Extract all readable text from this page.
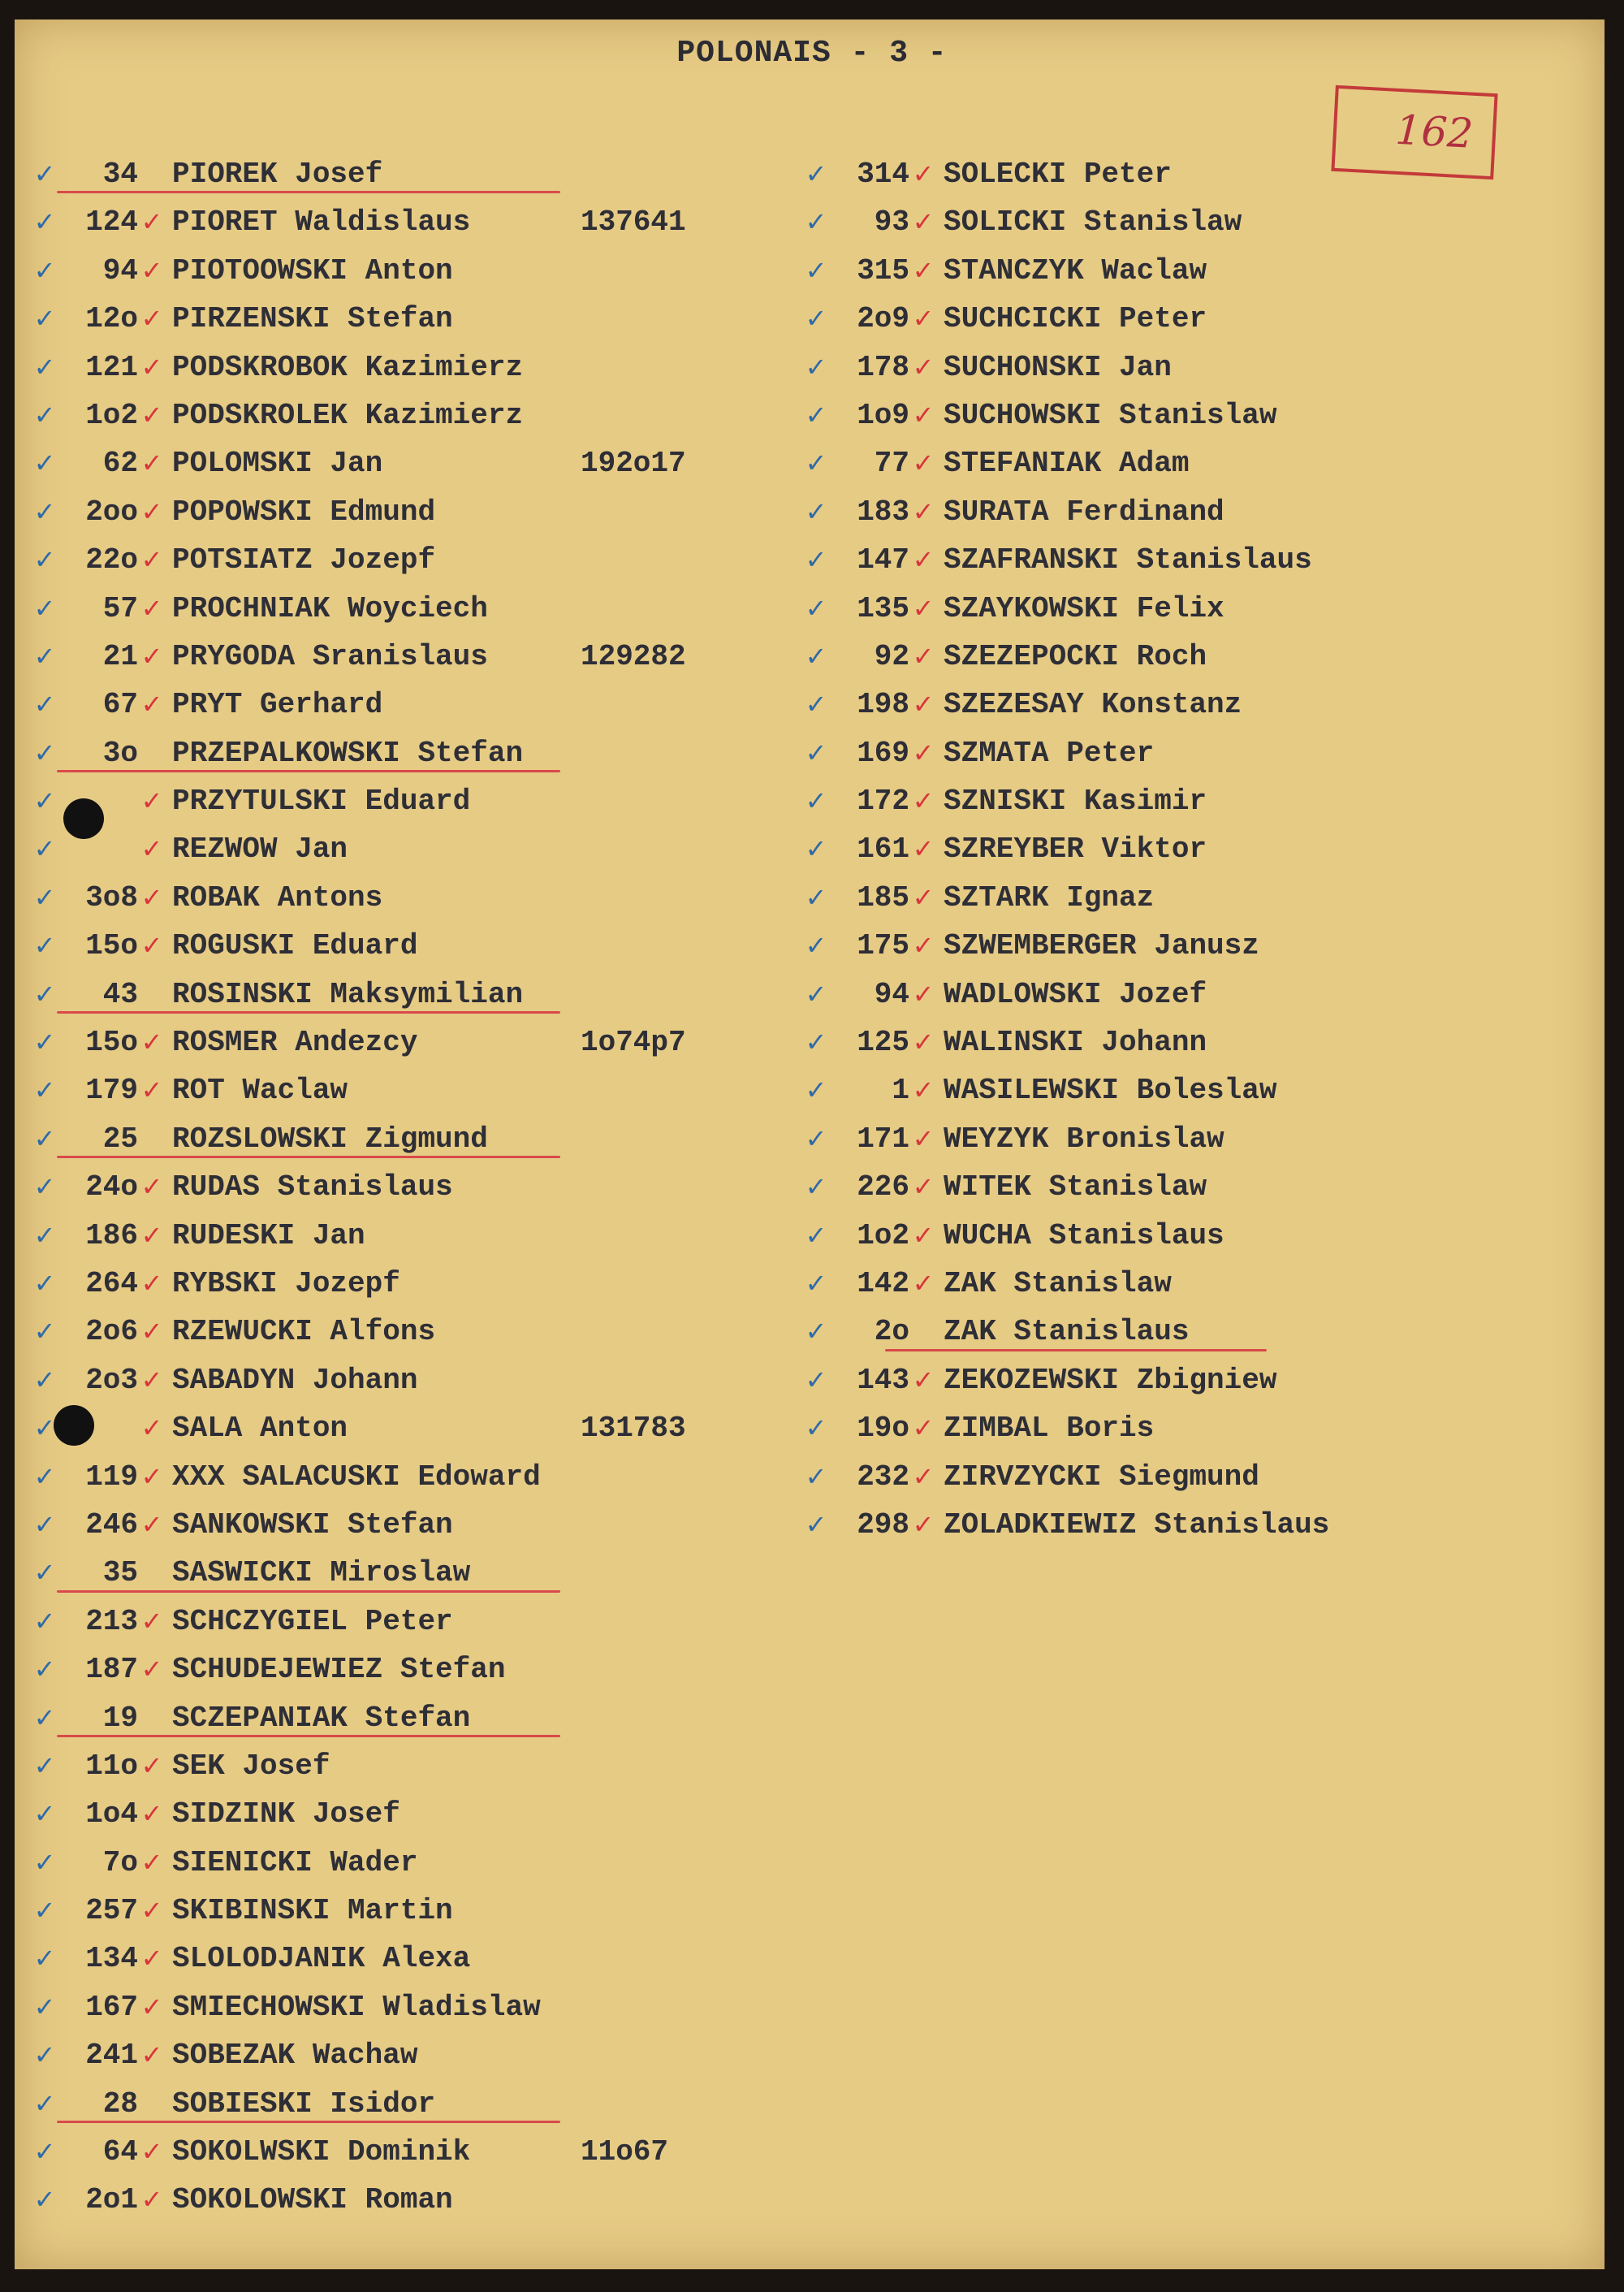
POLONAIS - 3 -
162
✓	34 PIOREK Josef
✓	124 ✓ PIORET Waldislaus	137641
✓	94 ✓ PIOTOOWSKI Anton
✓	12o ✓ PIRZENSKI Stefan
✓	121 ✓ PODSKROBOK Kazimierz
✓	1o2 ✓ PODSKROLEK Kazimierz
✓	62 ✓ POLOMSKI Jan	192o17
✓	2oo ✓ POPOWSKI Edmund
✓	22o ✓ POTSIATZ Jozepf
✓	57 ✓ PROCHNIAK Woyciech
✓	21 ✓ PRYGODA Sranislaus	129282
✓	67 ✓ PRYT Gerhard
✓	3o PRZEPALKOWSKI Stefan
✓	✓ PRZYTULSKI Eduard
✓	✓ REZWOW Jan
✓	3o8 ✓ ROBAK Antons
✓	15o ✓ ROGUSKI Eduard
✓	43 ROSINSKI Maksymilian
✓	15o ✓ ROSMER Andezcy	1o74p7
✓	179 ✓ ROT Waclaw
✓	25 ROZSLOWSKI Zigmund
✓	24o ✓ RUDAS Stanislaus
✓	186 ✓ RUDESKI Jan
✓	264 ✓ RYBSKI Jozepf
✓	2o6 ✓ RZEWUCKI Alfons
✓	2o3 ✓ SABADYN Johann
✓	✓ SALA Anton	131783
✓	119 ✓ XXX SALACUSKI Edoward
✓	246 ✓ SANKOWSKI Stefan
✓	35 SASWICKI Miroslaw
✓	213 ✓ SCHCZYGIEL Peter
✓	187 ✓ SCHUDEJEWIEZ Stefan
✓	19 SCZEPANIAK Stefan
✓	11o ✓ SEK Josef
✓	1o4 ✓ SIDZINK Josef
✓	7o ✓ SIENICKI Wader
✓	257 ✓ SKIBINSKI Martin
✓	134 ✓ SLOLODJANIK Alexa
✓	167 ✓ SMIECHOWSKI Wladislaw
✓	241 ✓ SOBEZAK Wachaw
✓	28 SOBIESKI Isidor
✓	64 ✓ SOKOLWSKI Dominik	11o67
✓	2o1 ✓ SOKOLOWSKI Roman
✓	314 ✓ SOLECKI Peter
✓	93 ✓ SOLICKI Stanislaw
✓	315 ✓ STANCZYK Waclaw
✓	2o9 ✓ SUCHCICKI Peter
✓	178 ✓ SUCHONSKI Jan
✓	1o9 ✓ SUCHOWSKI Stanislaw
✓	77 ✓ STEFANIAK Adam
✓	183 ✓ SURATA Ferdinand
✓	147 ✓ SZAFRANSKI Stanislaus
✓	135 ✓ SZAYKOWSKI Felix
✓	92 ✓ SZEZEPOCKI Roch
✓	198 ✓ SZEZESAY Konstanz
✓	169 ✓ SZMATA Peter
✓	172 ✓ SZNISKI Kasimir
✓	161 ✓ SZREYBER Viktor
✓	185 ✓ SZTARK Ignaz
✓	175 ✓ SZWEMBERGER Janusz
✓	94 ✓ WADLOWSKI Jozef
✓	125 ✓ WALINSKI Johann
✓	1 ✓ WASILEWSKI Boleslaw
✓	171 ✓ WEYZYK Bronislaw
✓	226 ✓ WITEK Stanislaw
✓	1o2 ✓ WUCHA Stanislaus
✓	142 ✓ ZAK Stanislaw
✓	2o ZAK Stanislaus
✓	143 ✓ ZEKOZEWSKI Zbigniew
✓	19o ✓ ZIMBAL Boris
✓	232 ✓ ZIRVZYCKI Siegmund
✓	298 ✓ ZOLADKIEWIZ Stanislaus
